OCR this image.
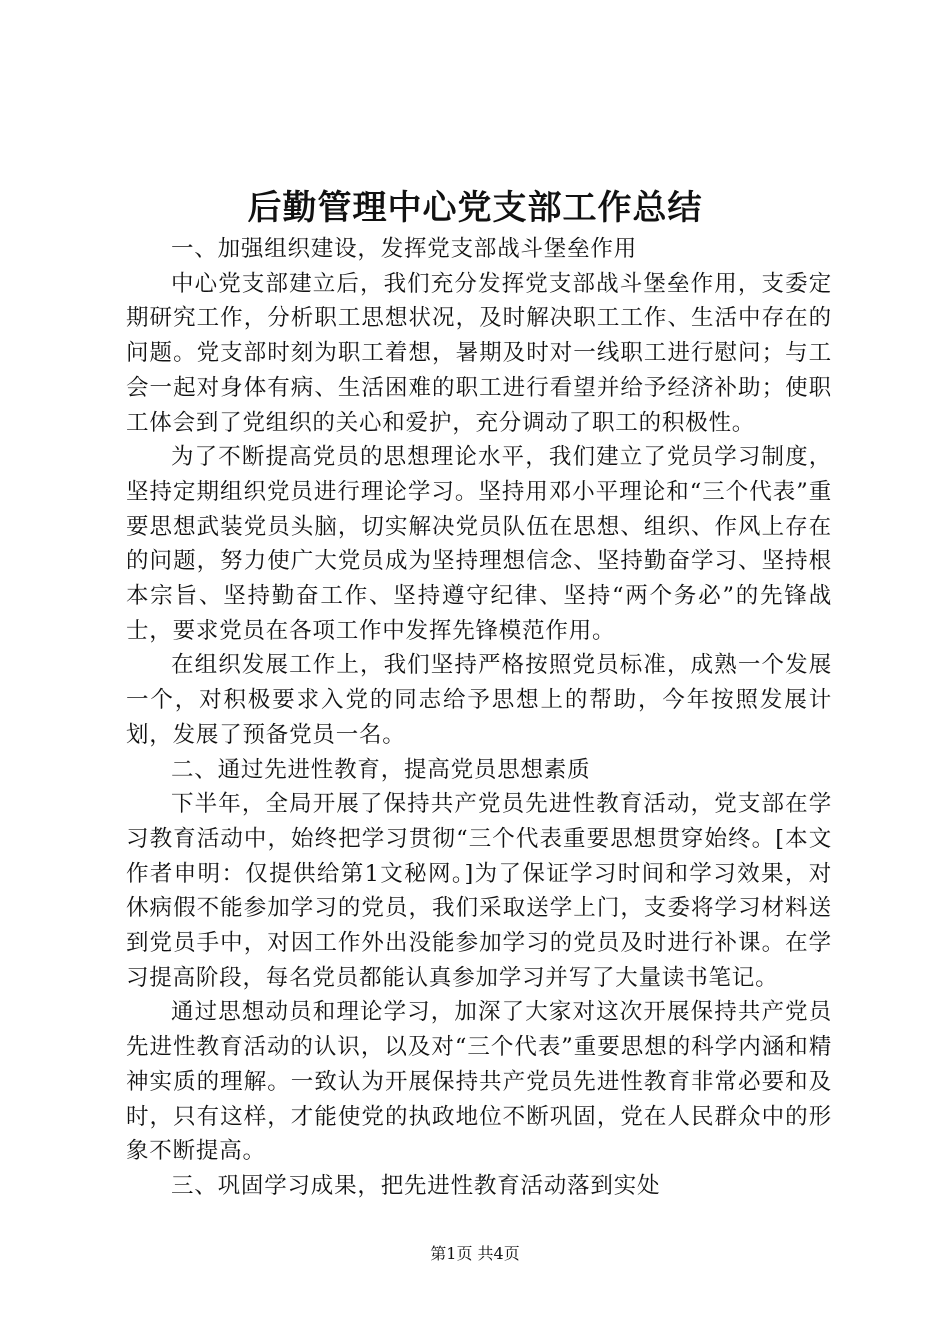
后勤管理中心党支部工作总结

一、加强组织建设，发挥党支部战斗堡垒作用

中心党支部建立后，我们充分发挥党支部战斗堡垒作用，支委定期研究工作，分析职工思想状况，及时解决职工工作、生活中存在的问题。党支部时刻为职工着想，暑期及时对一线职工进行慰问；与工会一起对身体有病、生活困难的职工进行看望并给予经济补助；使职工体会到了党组织的关心和爱护，充分调动了职工的积极性。

为了不断提高党员的思想理论水平，我们建立了党员学习制度，坚持定期组织党员进行理论学习。坚持用邓小平理论和“三个代表”重要思想武装党员头脑，切实解决党员队伍在思想、组织、作风上存在的问题，努力使广大党员成为坚持理想信念、坚持勤奋学习、坚持根本宗旨、坚持勤奋工作、坚持遵守纪律、坚持“两个务必”的先锋战士，要求党员在各项工作中发挥先锋模范作用。

在组织发展工作上，我们坚持严格按照党员标准，成熟一个发展一个，对积极要求入党的同志给予思想上的帮助，今年按照发展计划，发展了预备党员一名。

二、通过先进性教育，提高党员思想素质

下半年，全局开展了保持共产党员先进性教育活动，党支部在学习教育活动中，始终把学习贯彻“三个代表重要思想贯穿始终。[本文作者申明：仅提供给第1文秘网。]为了保证学习时间和学习效果，对休病假不能参加学习的党员，我们采取送学上门，支委将学习材料送到党员手中，对因工作外出没能参加学习的党员及时进行补课。在学习提高阶段，每名党员都能认真参加学习并写了大量读书笔记。

通过思想动员和理论学习，加深了大家对这次开展保持共产党员先进性教育活动的认识，以及对“三个代表”重要思想的科学内涵和精神实质的理解。一致认为开展保持共产党员先进性教育非常必要和及时，只有这样，才能使党的执政地位不断巩固，党在人民群众中的形象不断提高。

三、巩固学习成果，把先进性教育活动落到实处

第1页 共4页
